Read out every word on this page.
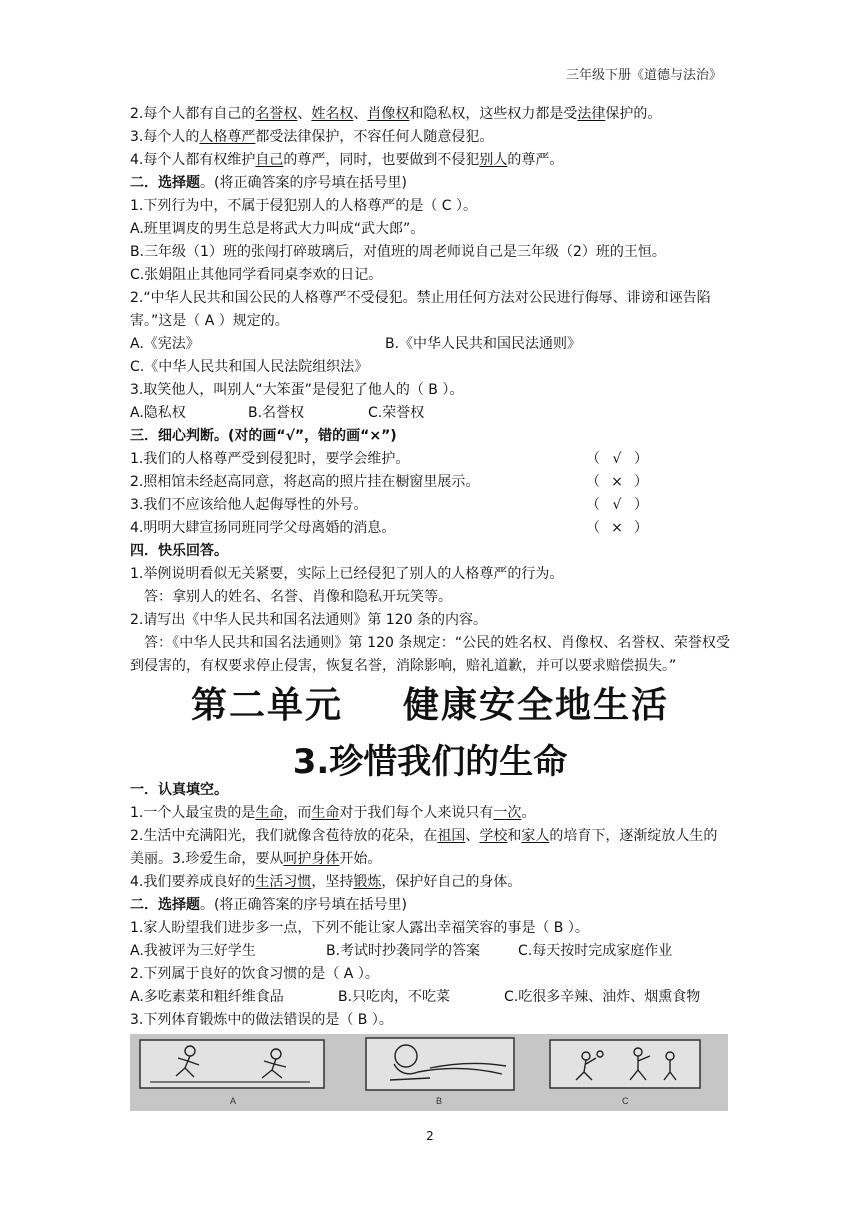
三年级下册《道德与法治》
2.每个人都有自己的名誉权、姓名权、肖像权和隐私权，这些权力都是受法律保护的。
3.每个人的人格尊严都受法律保护，不容任何人随意侵犯。
4.每个人都有权维护自己的尊严，同时，也要做到不侵犯别人的尊严。
二．选择题。(将正确答案的序号填在括号里)
1.下列行为中，不属于侵犯别人的人格尊严的是（ C ）。
A.班里调皮的男生总是将武大力叫成“武大郎”。
B.三年级（1）班的张闯打碎玻璃后，对值班的周老师说自己是三年级（2）班的王恒。
C.张娟阻止其他同学看同桌李欢的日记。
2.“中华人民共和国公民的人格尊严不受侵犯。禁止用任何方法对公民进行侮辱、诽谤和诬告陷害。”这是（ A ）规定的。
A.《宪法》	B.《中华人民共和国民法通则》
C.《中华人民共和国人民法院组织法》
3.取笑他人，叫别人“大笨蛋”是侵犯了他人的（ B ）。
A.隐私权	B.名誉权	C.荣誉权
三．细心判断。(对的画“√”，错的画“×”)
1.我们的人格尊严受到侵犯时，要学会维护。	（ √ ）
2.照相馆未经赵高同意，将赵高的照片挂在橱窗里展示。	（ × ）
3.我们不应该给他人起侮辱性的外号。	（ √ ）
4.明明大肆宣扬同班同学父母离婚的消息。	（ × ）
四．快乐回答。
1.举例说明看似无关紧要，实际上已经侵犯了别人的人格尊严的行为。
答：拿别人的姓名、名誉、肖像和隐私开玩笑等。
2.请写出《中华人民共和国名法通则》第 120 条的内容。
答：《中华人民共和国名法通则》第 120 条规定：“公民的姓名权、肖像权、名誉权、荣誉权受到侵害的，有权要求停止侵害，恢复名誉，消除影响，赔礼道歉，并可以要求赔偿损失。”
第二单元 健康安全地生活
3.珍惜我们的生命
一．认真填空。
1.一个人最宝贵的是生命，而生命对于我们每个人来说只有一次。
2.生活中充满阳光，我们就像含苞待放的花朵，在祖国、学校和家人的培育下，逐渐绽放人生的美丽。3.珍爱生命，要从呵护身体开始。
4.我们要养成良好的生活习惯，坚持锻炼，保护好自己的身体。
二．选择题。(将正确答案的序号填在括号里)
1.家人盼望我们进步多一点，下列不能让家人露出幸福笑容的事是（ B ）。
A.我被评为三好学生	B.考试时抄袭同学的答案	C.每天按时完成家庭作业
2.下列属于良好的饮食习惯的是（ A ）。
A.多吃素菜和粗纤维食品	B.只吃肉，不吃菜	C.吃很多辛辣、油炸、烟熏食物
3.下列体育锻炼中的做法错误的是（ B ）。
A	B	C
2
